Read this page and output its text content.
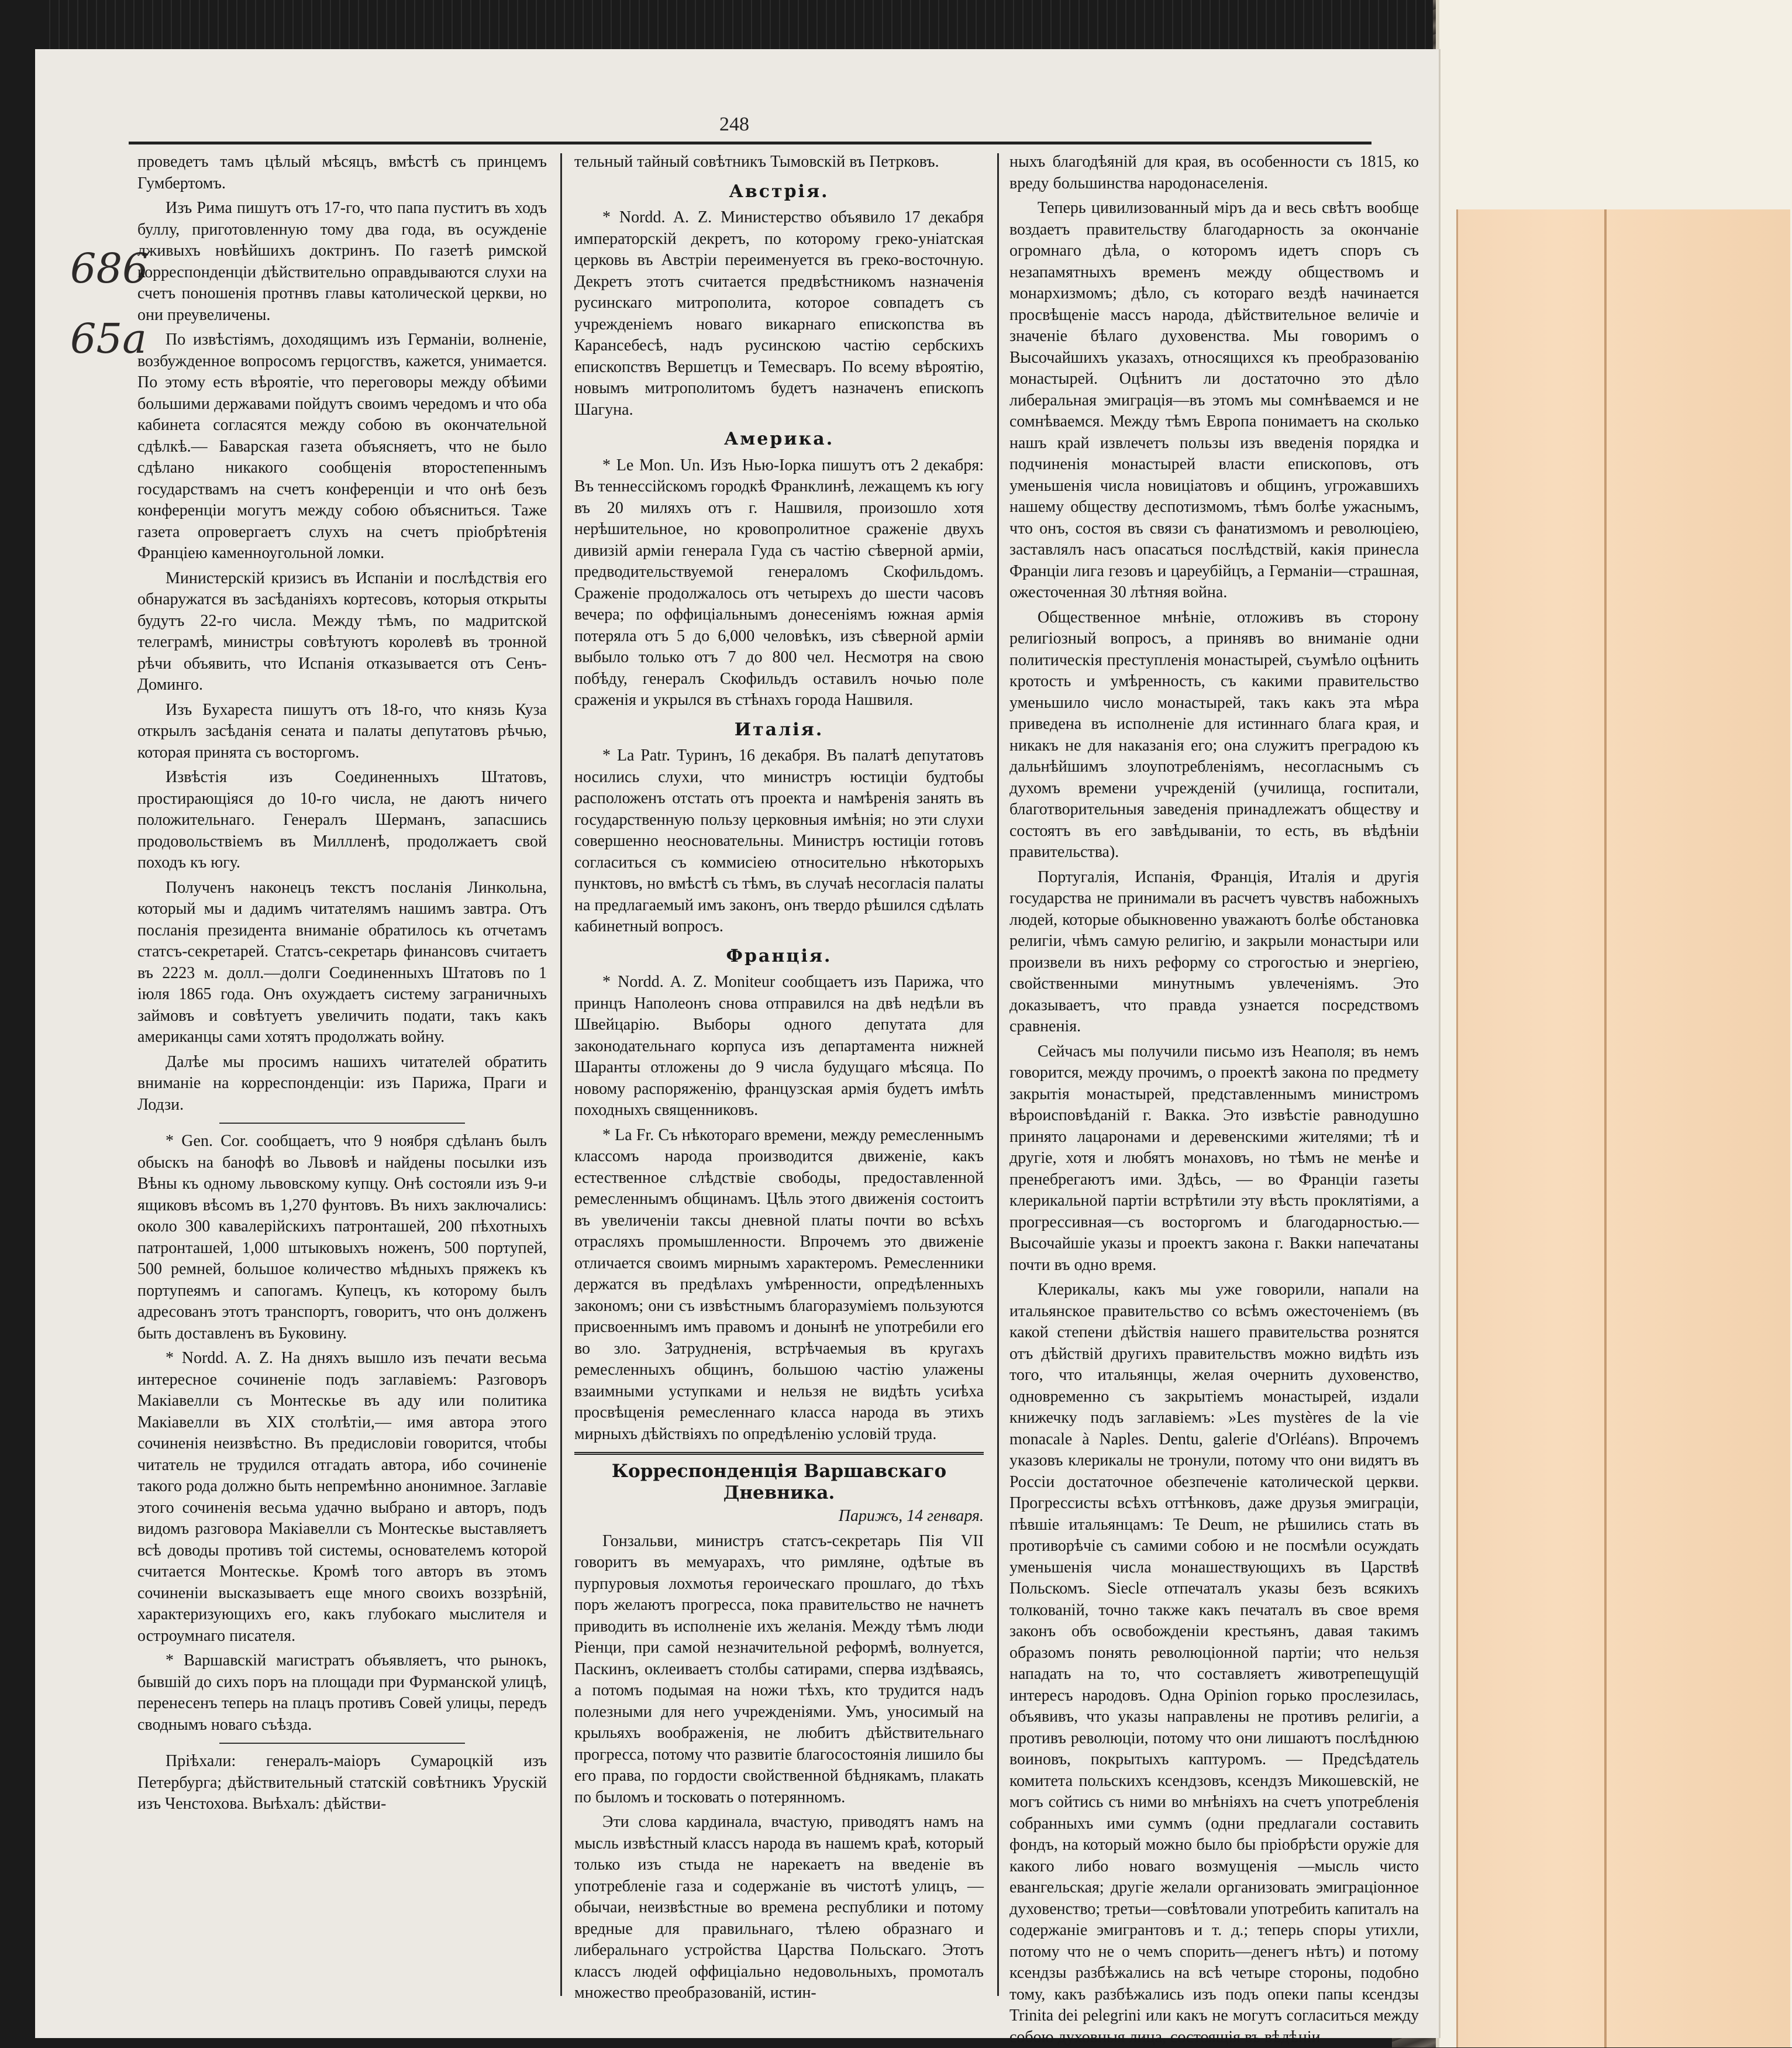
686
65а
248

проведетъ тамъ цѣлый мѣсяцъ, вмѣстѣ съ принцемъ Гумбертомъ.

Изъ Рима пишутъ отъ 17-го, что папа пуститъ въ ходъ буллу, приготовленную тому два года, въ осужденіе лживыхъ новѣйшихъ доктринъ. По газетѣ римской корреспонденціи дѣйствительно оправдываются слухи на счетъ поношенія протнвъ главы католической церкви, но они преувеличены.

По извѣстіямъ, доходящимъ изъ Германіи, волненіе, возбужденное вопросомъ герцогствъ, кажется, унимается. По этому есть вѣроятіе, что переговоры между обѣими большими державами пойдутъ своимъ чередомъ и что оба кабинета согласятся между собою въ окончательной сдѣлкѣ.— Баварская газета объясняетъ, что не было сдѣлано никакого сообщенія второстепеннымъ государствамъ на счетъ конференціи и что онѣ безъ конференціи могутъ между собою объясниться. Таже газета опровергаетъ слухъ на счетъ пріобрѣтенія Франціею каменноугольной ломки.

Министерскій кризисъ въ Испаніи и послѣдствія его обнаружатся въ засѣданіяхъ кортесовъ, которыя открыты будутъ 22-го числа. Между тѣмъ, по мадритской телеграмѣ, министры совѣтуютъ королевѣ въ тронной рѣчи объявить, что Испанія отказывается отъ Сенъ-Доминго.

Изъ Бухареста пишутъ отъ 18-го, что князь Куза открылъ засѣданія сената и палаты депутатовъ рѣчью, которая принята съ восторгомъ.

Извѣстія изъ Соединенныхъ Штатовъ, простирающіяся до 10-го числа, не даютъ ничего положительнаго. Генералъ Шерманъ, запасшись продовольствіемъ въ Миллленѣ, продолжаетъ свой походъ къ югу.

Полученъ наконецъ текстъ посланія Линкольна, который мы и дадимъ читателямъ нашимъ завтра. Отъ посланія президента вниманіе обратилось къ отчетамъ статсъ-секретарей. Статсъ-секретарь финансовъ считаетъ въ 2223 м. долл.—долги Соединенныхъ Штатовъ по 1 іюля 1865 года. Онъ охуждаетъ систему заграничныхъ займовъ и совѣтуетъ увеличить подати, такъ какъ американцы сами хотятъ продолжать войну.

Далѣе мы просимъ нашихъ читателей обратить вниманіе на корреспонденціи: изъ Парижа, Праги и Лодзи.

* Gen. Cor. сообщаетъ, что 9 ноября сдѣланъ былъ обыскъ на банофѣ во Львовѣ и найдены посылки изъ Вѣны къ одному львовскому купцу. Онѣ состояли изъ 9-и ящиковъ вѣсомъ въ 1,270 фунтовъ. Въ нихъ заключались: около 300 кавалерійскихъ патронташей, 200 пѣхотныхъ патронташей, 1,000 штыковыхъ ноженъ, 500 портупей, 500 ремней, большое количество мѣдныхъ пряжекъ къ портупеямъ и сапогамъ. Купецъ, къ которому былъ адресованъ этотъ транспортъ, говоритъ, что онъ долженъ быть доставленъ въ Буковину.

* Nordd. A. Z. На дняхъ вышло изъ печати весьма интересное сочиненіе подъ заглавіемъ: Разговоръ Макіавелли съ Монтескье въ аду или политика Макіавелли въ XIX столѣтіи,— имя автора этого сочиненія неизвѣстно. Въ предисловіи говорится, чтобы читатель не трудился отгадать автора, ибо сочиненіе такого рода должно быть непремѣнно анонимное. Заглавіе этого сочиненія весьма удачно выбрано и авторъ, подъ видомъ разговора Макіавелли съ Монтескье выставляетъ всѣ доводы противъ той системы, основателемъ которой считается Монтескье. Кромѣ того авторъ въ этомъ сочиненіи высказываетъ еще много своихъ воззрѣній, характеризующихъ его, какъ глубокаго мыслителя и остроумнаго писателя.

* Варшавскій магистратъ объявляетъ, что рынокъ, бывшій до сихъ поръ на площади при Фурманской улицѣ, перенесенъ теперь на плацъ противъ Совей улицы, передъ своднымъ новаго съѣзда.

Пріѣхали: генералъ-маіоръ Сумароцкій изъ Петербурга; дѣйствительный статскій совѣтникъ Урускій изъ Ченстохова. Выѣхалъ: дѣйстви-

тельный тайный совѣтникъ Тымовскій въ Петрковъ.

Австрія.

* Nordd. A. Z. Министерство объявило 17 декабря императорскій декретъ, по которому греко-уніатская церковь въ Австріи переименуется въ греко-восточную. Декретъ этотъ считается предвѣстникомъ назначенія русинскаго митрополита, которое совпадетъ съ учрежденіемъ новаго викарнаго епископства въ Карансебесѣ, надъ русинскою частію сербскихъ епископствъ Вершетцъ и Темесваръ. По всему вѣроятію, новымъ митрополитомъ будетъ назначенъ епископъ Шагуна.

Америка.

* Le Mon. Un. Изъ Нью-Iорка пишутъ отъ 2 декабря: Въ теннессійскомъ городкѣ Франклинѣ, лежащемъ къ югу въ 20 миляхъ отъ г. Нашвиля, произошло хотя нерѣшительное, но кровопролитное сраженіе двухъ дивизій арміи генерала Гуда съ частію сѣверной арміи, предводительствуемой генераломъ Скофильдомъ. Сраженіе продолжалось отъ четырехъ до шести часовъ вечера; по оффиціальнымъ донесеніямъ южная армія потеряла отъ 5 до 6,000 человѣкъ, изъ сѣверной арміи выбыло только отъ 7 до 800 чел. Несмотря на свою побѣду, генералъ Скофильдъ оставилъ ночью поле сраженія и укрылся въ стѣнахъ города Нашвиля.

Италія.

* La Patr. Туринъ, 16 декабря. Въ палатѣ депутатовъ носились слухи, что министръ юстиціи будтобы расположенъ отстать отъ проекта и намѣренія занять въ государственную пользу церковныя имѣнія; но эти слухи совершенно неосновательны. Министръ юстиціи готовъ согласиться съ коммисіею относительно нѣкоторыхъ пунктовъ, но вмѣстѣ съ тѣмъ, въ случаѣ несогласія палаты на предлагаемый имъ законъ, онъ твердо рѣшился сдѣлать кабинетный вопросъ.

Франція.

* Nordd. A. Z. Moniteur сообщаетъ изъ Парижа, что принцъ Наполеонъ снова отправился на двѣ недѣли въ Швейцарію. Выборы одного депутата для законодательнаго корпуса изъ департамента нижней Шаранты отложены до 9 числа будущаго мѣсяца. По новому распоряженію, французская армія будетъ имѣть походныхъ священниковъ.

* La Fr. Съ нѣкотораго времени, между ремесленнымъ классомъ народа производится движеніе, какъ естественное слѣдствіе свободы, предоставленной ремесленнымъ общинамъ. Цѣль этого движенія состоитъ въ увеличеніи таксы дневной платы почти во всѣхъ отрасляхъ промышленности. Впрочемъ это движеніе отличается своимъ мирнымъ характеромъ. Ремесленники держатся въ предѣлахъ умѣренности, опредѣленныхъ закономъ; они съ извѣстнымъ благоразуміемъ пользуются присвоеннымъ имъ правомъ и донынѣ не употребили его во зло. Затрудненія, встрѣчаемыя въ кругахъ ремесленныхъ общинъ, большою частію улажены взаимными уступками и нельзя не видѣть усиѣха просвѣщенія ремесленнаго класса народа въ этихъ мирныхъ дѣйствіяхъ по опредѣленію условій труда.

Корреспонденція Варшавскаго Дневника.
Парижъ, 14 генваря.

Гонзальви, министръ статсъ-секретарь Пія VII говоритъ въ мемуарахъ, что римляне, одѣтые въ пурпуровыя лохмотья героическаго прошлаго, до тѣхъ поръ желаютъ прогресса, пока правительство не начнетъ приводить въ исполненіе ихъ желанія. Между тѣмъ люди Ріенци, при самой незначительной реформѣ, волнуется, Паскинъ, оклеиваетъ столбы сатирами, сперва издѣваясь, а потомъ подымая на ножи тѣхъ, кто трудится надъ полезными для него учрежденіями. Умъ, уносимый на крыльяхъ воображенія, не любитъ дѣйствительнаго прогресса, потому что развитіе благосостоянія лишило бы его права, по гордости свойственной бѣднякамъ, плакать по быломъ и тосковать о потерянномъ.

Эти слова кардинала, вчастую, приводятъ намъ на мысль извѣстный классъ народа въ нашемъ краѣ, который только изъ стыда не нарекаетъ на введеніе въ употребленіе газа и содержаніе въ чистотѣ улицъ, — обычаи, неизвѣстные во времена республики и потому вредные для правильнаго, тѣлею образнаго и либеральнаго устройства Царства Польскаго. Этотъ классъ людей оффиціально недовольныхъ, промоталъ множество преобразованій, истин-

ныхъ благодѣяній для края, въ особенности съ 1815, ко вреду большинства народонаселенія.

Теперь цивилизованный міръ да и весь свѣтъ вообще воздаетъ правительству благодарность за окончаніе огромнаго дѣла, о которомъ идетъ споръ съ незапамятныхъ временъ между обществомъ и монархизмомъ; дѣло, съ котораго вездѣ начинается просвѣщеніе массъ народа, дѣйствительное величіе и значеніе бѣлаго духовенства. Мы говоримъ о Высочайшихъ указахъ, относящихся къ преобразованію монастырей. Оцѣнитъ ли достаточно это дѣло либеральная эмиграція—въ этомъ мы сомнѣваемся и не сомнѣваемся. Между тѣмъ Европа понимаетъ на сколько нашъ край извлечетъ пользы изъ введенія порядка и подчиненія монастырей власти епископовъ, отъ уменьшенія числа новиціатовъ и общинъ, угрожавшихъ нашему обществу деспотизмомъ, тѣмъ болѣе ужаснымъ, что онъ, состоя въ связи съ фанатизмомъ и революціею, заставлялъ насъ опасаться послѣдствій, какія принесла Франціи лига гезовъ и цареубійцъ, а Германіи—страшная, ожесточенная 30 лѣтняя война.

Общественное мнѣніе, отложивъ въ сторону религіозный вопросъ, а принявъ во вниманіе одни политическія преступленія монастырей, съумѣло оцѣнить кротость и умѣренность, съ какими правительство уменьшило число монастырей, такъ какъ эта мѣра приведена въ исполненіе для истиннаго блага края, и никакъ не для наказанія его; она служитъ преградою къ дальнѣйшимъ злоупотребленіямъ, несогласнымъ съ духомъ времени учрежденій (училища, госпитали, благотворительныя заведенія принадлежатъ обществу и состоятъ въ его завѣдываніи, то есть, въ вѣдѣніи правительства).

Португалія, Испанія, Франція, Италія и другія государства не принимали въ расчетъ чувствъ набожныхъ людей, которые обыкновенно уважаютъ болѣе обстановка религіи, чѣмъ самую религію, и закрыли монастыри или произвели въ нихъ реформу со строгостью и энергіею, свойственными минутнымъ увлеченіямъ. Это доказываетъ, что правда узнается посредствомъ сравненія.

Сейчасъ мы получили письмо изъ Неаполя; въ немъ говорится, между прочимъ, о проектѣ закона по предмету закрытія монастырей, представленнымъ министромъ вѣроисповѣданій г. Вакка. Это извѣстіе равнодушно принято лацаронами и деревенскими жителями; тѣ и другіе, хотя и любятъ монаховъ, но тѣмъ не менѣе и пренебрегаютъ ими. Здѣсь, — во Франціи газеты клерикальной партіи встрѣтили эту вѣсть проклятіями, а прогрессивная—съ восторгомъ и благодарностью.—Высочайшіе указы и проектъ закона г. Вакки напечатаны почти въ одно время.

Клерикалы, какъ мы уже говорили, напали на итальянское правительство со всѣмъ ожесточеніемъ (въ какой степени дѣйствія нашего правительства рознятся отъ дѣйствій другихъ правительствъ можно видѣть изъ того, что итальянцы, желая очернить духовенство, одновременно съ закрытіемъ монастырей, издали книжечку подъ заглавіемъ: »Les mystères de la vie monacale à Naples. Dentu, galerie d'Orléans). Впрочемъ указовъ клерикалы не тронули, потому что они видятъ въ Россіи достаточное обезпеченіе католической церкви. Прогрессисты всѣхъ оттѣнковъ, даже друзья эмиграціи, пѣвшіе итальянцамъ: Te Deum, не рѣшились стать въ противорѣчіе съ самими собою и не посмѣли осуждать уменьшенія числа монашествующихъ въ Царствѣ Польскомъ. Siecle отпечаталъ указы безъ всякихъ толкованій, точно также какъ печаталъ въ свое время законъ объ освобожденіи крестьянъ, давая такимъ образомъ понять революціонной партіи; что нельзя нападать на то, что составляетъ животрепещущій интересъ народовъ. Одна Opinion горько прослезилась, объявивъ, что указы направлены не противъ религіи, а противъ революціи, потому что они лишаютъ послѣднюю воиновъ, покрытыхъ каптуромъ. — Предсѣдатель комитета польскихъ ксендзовъ, ксендзъ Микошевскій, не могъ сойтись съ ними во мнѣніяхъ на счетъ употребленія собранныхъ ими суммъ (одни предлагали составить фондъ, на который можно было бы пріобрѣсти оружіе для какого либо новаго возмущенія —мысль чисто евангельская; другіе желали организовать эмиграціонное духовенство; третьи—совѣтовали употребить капиталъ на содержаніе эмигрантовъ и т. д.; теперь споры утихли, потому что не о чемъ спорить—денегъ нѣтъ) и потому ксендзы разбѣжались на всѣ четыре стороны, подобно тому, какъ разбѣжались изъ подъ опеки папы ксендзы Trinita dei pelegrini или какъ не могутъ согласиться между собою духовныя лица, состоящія въ вѣдѣніи
